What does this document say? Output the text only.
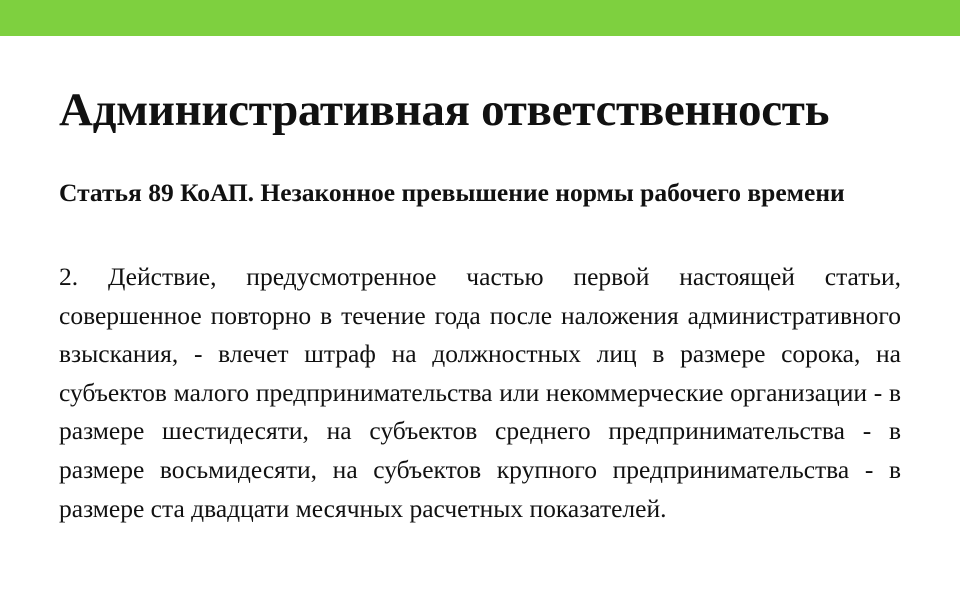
Административная ответственность

Статья 89 КоАП. Незаконное превышение нормы рабочего времени

2. Действие, предусмотренное частью первой настоящей статьи, совершенное повторно в течение года после наложения административного взыскания, - влечет штраф на должностных лиц в размере сорока, на субъектов малого предпринимательства или некоммерческие организации - в размере шестидесяти, на субъектов среднего предпринимательства - в размере восьмидесяти, на субъектов крупного предпринимательства - в размере ста двадцати месячных расчетных показателей.
